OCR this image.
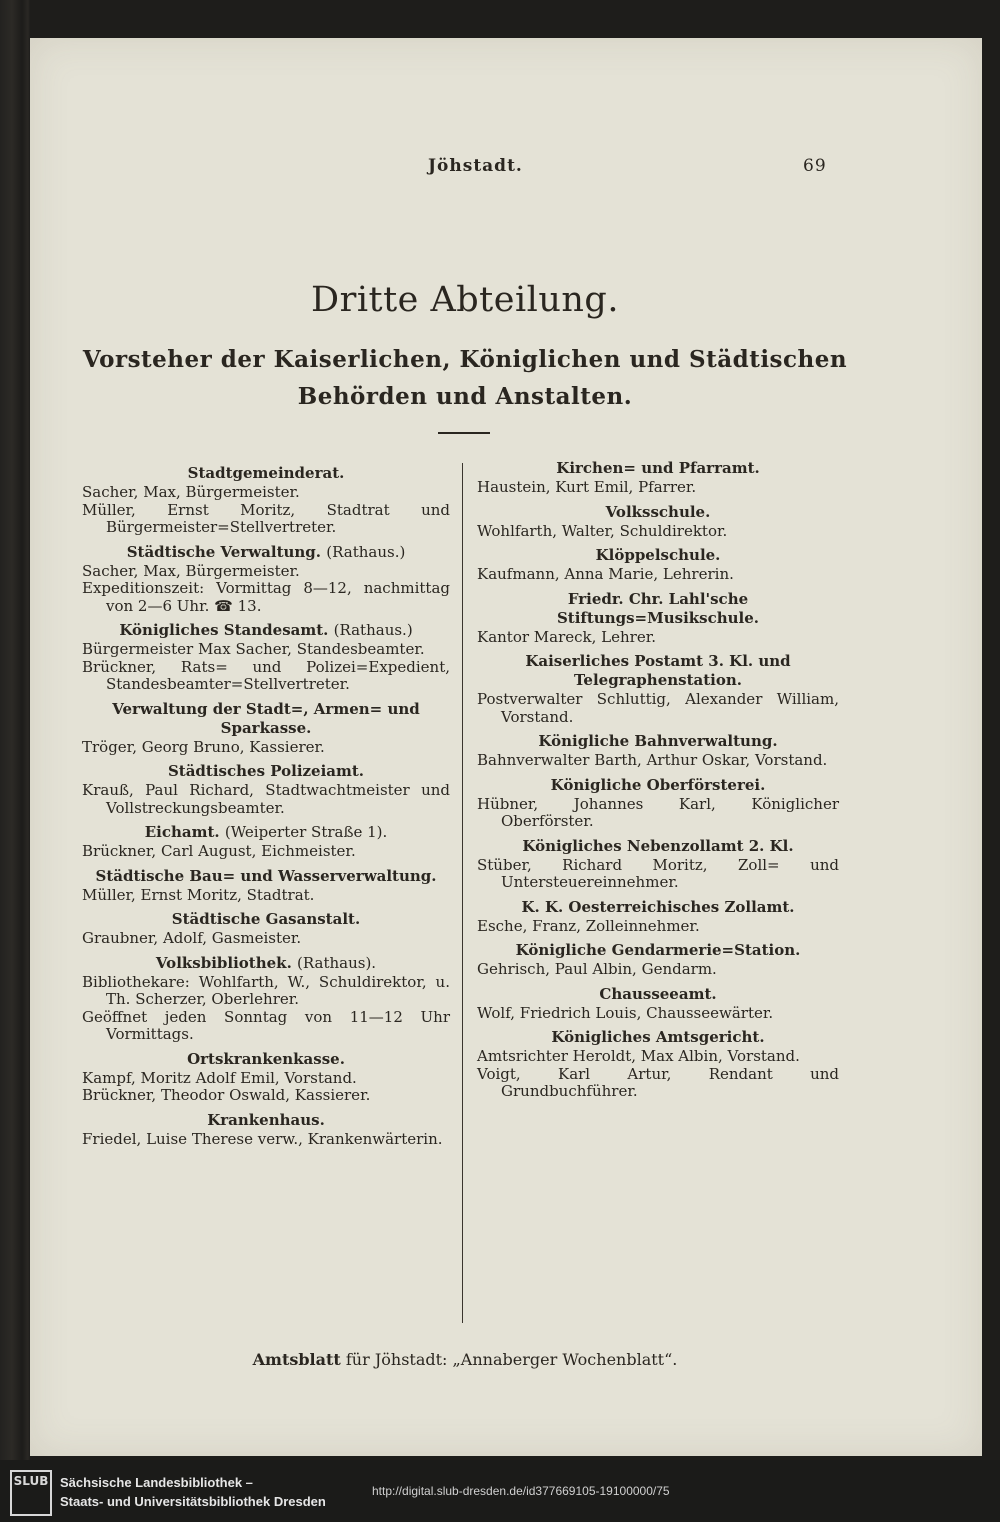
Jöhstadt.	69
Dritte Abteilung.
Vorsteher der Kaiserlichen, Königlichen und Städtischen
Behörden und Anstalten.
Stadtgemeinderat.
Sacher, Max, Bürgermeister.
Müller, Ernst Moritz, Stadtrat und Bürgermeister=Stellvertreter.
Städtische Verwaltung. (Rathaus.)
Sacher, Max, Bürgermeister.
Expeditionszeit: Vormittag 8—12, nachmittag von 2—6 Uhr. ☎ 13.
Königliches Standesamt. (Rathaus.)
Bürgermeister Max Sacher, Standesbeamter.
Brückner, Rats= und Polizei=Expedient, Standesbeamter=Stellvertreter.
Verwaltung der Stadt=, Armen= und Sparkasse.
Tröger, Georg Bruno, Kassierer.
Städtisches Polizeiamt.
Krauß, Paul Richard, Stadtwachtmeister und Vollstreckungsbeamter.
Eichamt. (Weiperter Straße 1).
Brückner, Carl August, Eichmeister.
Städtische Bau= und Wasserverwaltung.
Müller, Ernst Moritz, Stadtrat.
Städtische Gasanstalt.
Graubner, Adolf, Gasmeister.
Volksbibliothek. (Rathaus).
Bibliothekare: Wohlfarth, W., Schuldirektor, u. Th. Scherzer, Oberlehrer.
Geöffnet jeden Sonntag von 11—12 Uhr Vormittags.
Ortskrankenkasse.
Kampf, Moritz Adolf Emil, Vorstand.
Brückner, Theodor Oswald, Kassierer.
Krankenhaus.
Friedel, Luise Therese verw., Krankenwärterin.
Kirchen= und Pfarramt.
Haustein, Kurt Emil, Pfarrer.
Volksschule.
Wohlfarth, Walter, Schuldirektor.
Klöppelschule.
Kaufmann, Anna Marie, Lehrerin.
Friedr. Chr. Lahl'sche Stiftungs=Musikschule.
Kantor Mareck, Lehrer.
Kaiserliches Postamt 3. Kl. und Telegraphenstation.
Postverwalter Schluttig, Alexander William, Vorstand.
Königliche Bahnverwaltung.
Bahnverwalter Barth, Arthur Oskar, Vorstand.
Königliche Oberförsterei.
Hübner, Johannes Karl, Königlicher Oberförster.
Königliches Nebenzollamt 2. Kl.
Stüber, Richard Moritz, Zoll= und Untersteuereinnehmer.
K. K. Oesterreichisches Zollamt.
Esche, Franz, Zolleinnehmer.
Königliche Gendarmerie=Station.
Gehrisch, Paul Albin, Gendarm.
Chausseeamt.
Wolf, Friedrich Louis, Chausseewärter.
Königliches Amtsgericht.
Amtsrichter Heroldt, Max Albin, Vorstand.
Voigt, Karl Artur, Rendant und Grundbuchführer.
Amtsblatt für Jöhstadt: „Annaberger Wochenblatt“.
SLUB Sächsische Landesbibliothek –
Staats- und Universitätsbibliothek Dresden
http://digital.slub-dresden.de/id377669105-19100000/75
